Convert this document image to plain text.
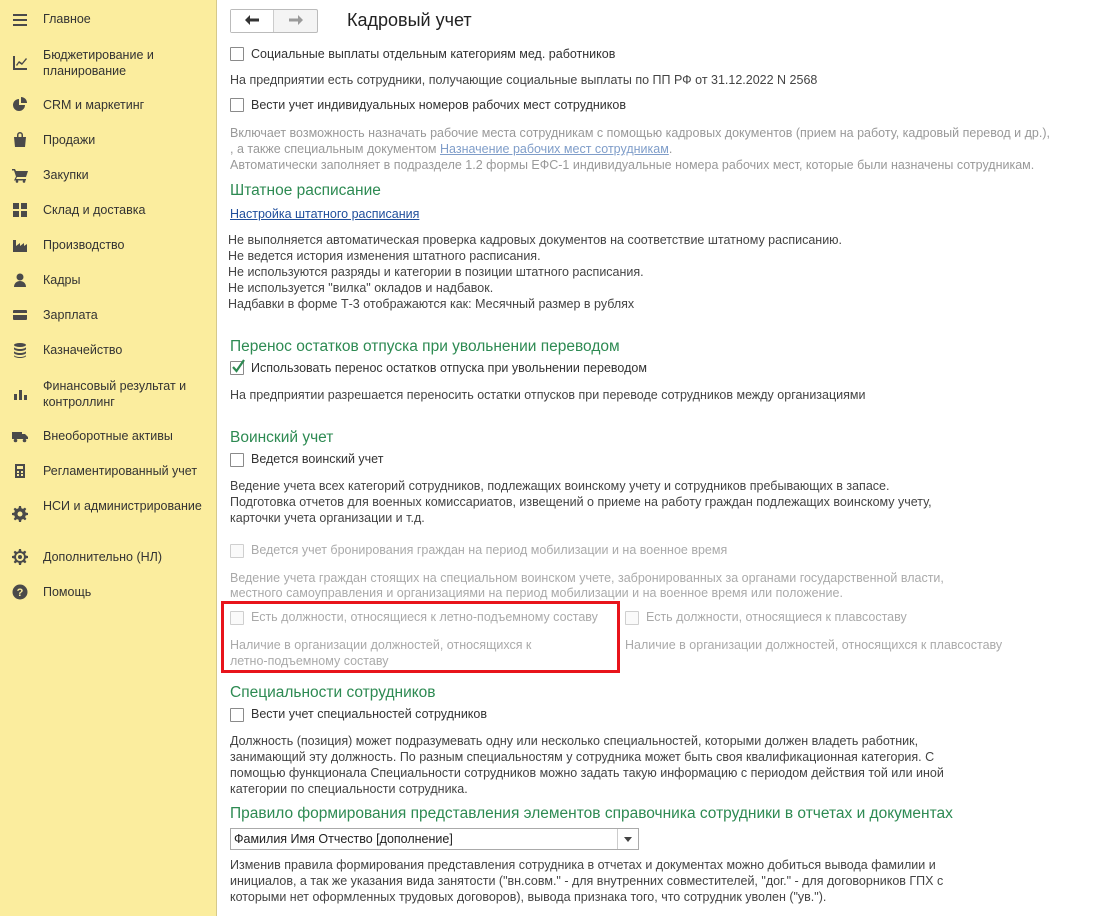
Главное
Бюджетирование и планирование
CRM и маркетинг
Продажи
Закупки
Склад и доставка
Производство
Кадры
Зарплата
Казначейство
Финансовый результат и контроллинг
Внеоборотные активы
Регламентированный учет
НСИ и администрирование
Дополнительно (НЛ)
? Помощь
Кадровый учет
Социальные выплаты отдельным категориям мед. работников
На предприятии есть сотрудники, получающие социальные выплаты по ПП РФ от 31.12.2022 N 2568
Вести учет индивидуальных номеров рабочих мест сотрудников
Включает возможность назначать рабочие места сотрудникам с помощью кадровых документов (прием на работу, кадровый перевод и др.),
, а также специальным документом Назначение рабочих мест сотрудникам.
Автоматически заполняет в подразделе 1.2 формы ЕФС-1 индивидуальные номера рабочих мест, которые были назначены сотрудникам.
Штатное расписание
Настройка штатного расписания
Не выполняется автоматическая проверка кадровых документов на соответствие штатному расписанию.
Не ведется история изменения штатного расписания.
Не используются разряды и категории в позиции штатного расписания.
Не используется "вилка" окладов и надбавок.
Надбавки в форме Т-3 отображаются как: Месячный размер в рублях
Перенос остатков отпуска при увольнении переводом
Использовать перенос остатков отпуска при увольнении переводом
На предприятии разрешается переносить остатки отпусков при переводе сотрудников между организациями
Воинский учет
Ведется воинский учет
Ведение учета всех категорий сотрудников, подлежащих воинскому учету и сотрудников пребывающих в запасе.
Подготовка отчетов для военных комиссариатов, извещений о приеме на работу граждан подлежащих воинскому учету,
карточки учета организации и т.д.
Ведется учет бронирования граждан на период мобилизации и на военное время
Ведение учета граждан стоящих на специальном воинском учете, забронированных за органами государственной власти,
местного самоуправления и организациями на период мобилизации и на военное время или положение.
Есть должности, относящиеся к летно-подъемному составу
Наличие в организации должностей, относящихся к
летно-подъемному составу
Есть должности, относящиеся к плавсоставу
Наличие в организации должностей, относящихся к плавсоставу
Специальности сотрудников
Вести учет специальностей сотрудников
Должность (позиция) может подразумевать одну или несколько специальностей, которыми должен владеть работник,
занимающий эту должность. По разным специальностям у сотрудника может быть своя квалификационная категория. С
помощью функционала Специальности сотрудников можно задать такую информацию с периодом действия той или иной
категории по специальности сотрудника.
Правило формирования представления элементов справочника сотрудники в отчетах и документах
Фамилия Имя Отчество [дополнение]
Изменив правила формирования представления сотрудника в отчетах и документах можно добиться вывода фамилии и
инициалов, а так же указания вида занятости ("вн.совм." - для внутренних совместителей, "дог." - для договорников ГПХ с
которыми нет оформленных трудовых договоров), вывода признака того, что сотрудник уволен ("ув.").
